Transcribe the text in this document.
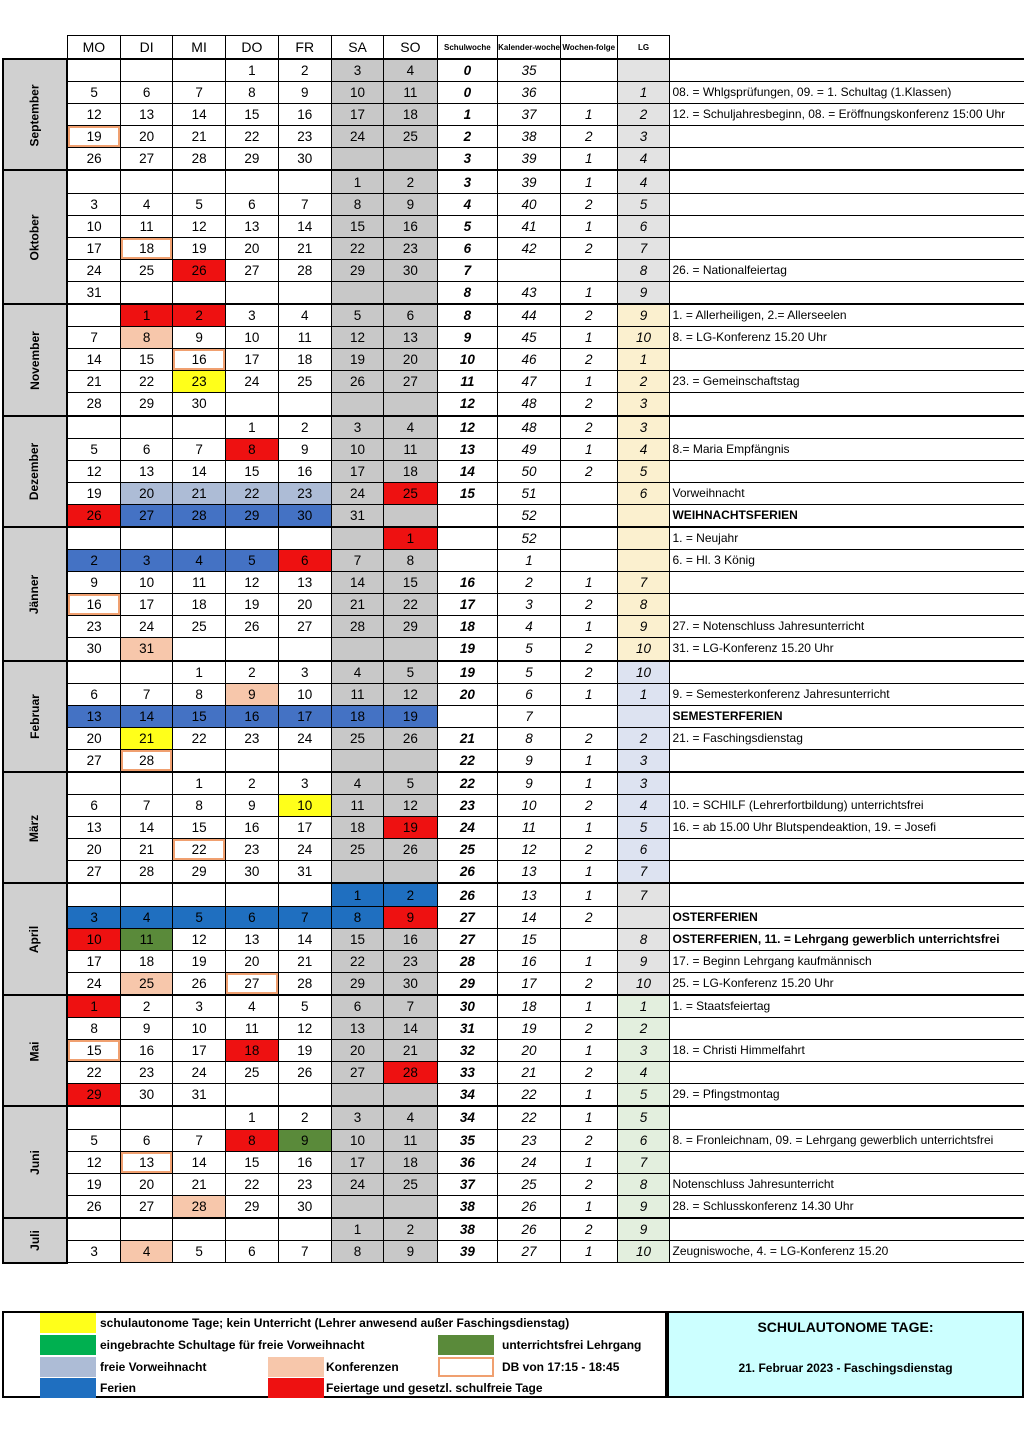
	MO	DI	MI	DO	FR	SA	SO	Schulwoche	Kalender-woche	Wochen-folge	LG	
September				1	2	3	4	0	35			
	5	6	7	8	9	10	11	0	36		1	08. = Whlgsprüfungen, 09. = 1. Schultag (1.Klassen)
	12	13	14	15	16	17	18	1	37	1	2	12. = Schuljahresbeginn, 08. = Eröffnungskonferenz 15:00 Uhr
	19	20	21	22	23	24	25	2	38	2	3	
	26	27	28	29	30			3	39	1	4	
Oktober						1	2	3	39	1	4	
	3	4	5	6	7	8	9	4	40	2	5	
	10	11	12	13	14	15	16	5	41	1	6	
	17	18	19	20	21	22	23	6	42	2	7	
	24	25	26	27	28	29	30	7			8	26. = Nationalfeiertag
	31							8	43	1	9	
November		1	2	3	4	5	6	8	44	2	9	1. = Allerheiligen, 2.= Allerseelen
	7	8	9	10	11	12	13	9	45	1	10	8. = LG-Konferenz 15.20 Uhr
	14	15	16	17	18	19	20	10	46	2	1	
	21	22	23	24	25	26	27	11	47	1	2	23. = Gemeinschaftstag
	28	29	30					12	48	2	3	
Dezember				1	2	3	4	12	48	2	3	
	5	6	7	8	9	10	11	13	49	1	4	8.= Maria Empfängnis
	12	13	14	15	16	17	18	14	50	2	5	
	19	20	21	22	23	24	25	15	51		6	Vorweihnacht
	26	27	28	29	30	31			52			WEIHNACHTSFERIEN
Jänner							1		52			1. = Neujahr
	2	3	4	5	6	7	8		1			6. = Hl. 3 König
	9	10	11	12	13	14	15	16	2	1	7	
	16	17	18	19	20	21	22	17	3	2	8	
	23	24	25	26	27	28	29	18	4	1	9	27. = Notenschluss Jahresunterricht
	30	31						19	5	2	10	31. = LG-Konferenz 15.20 Uhr
Februar			1	2	3	4	5	19	5	2	10	
	6	7	8	9	10	11	12	20	6	1	1	9. = Semesterkonferenz Jahresunterricht
	13	14	15	16	17	18	19		7			SEMESTERFERIEN
	20	21	22	23	24	25	26	21	8	2	2	21. = Faschingsdienstag
	27	28						22	9	1	3	
März			1	2	3	4	5	22	9	1	3	
	6	7	8	9	10	11	12	23	10	2	4	10. = SCHILF (Lehrerfortbildung) unterrichtsfrei
	13	14	15	16	17	18	19	24	11	1	5	16. = ab 15.00 Uhr Blutspendeaktion, 19. = Josefi
	20	21	22	23	24	25	26	25	12	2	6	
	27	28	29	30	31			26	13	1	7	
April						1	2	26	13	1	7	
	3	4	5	6	7	8	9	27	14	2		OSTERFERIEN
	10	11	12	13	14	15	16	27	15		8	OSTERFERIEN, 11. = Lehrgang gewerblich unterrichtsfrei
	17	18	19	20	21	22	23	28	16	1	9	17. = Beginn Lehrgang kaufmännisch
	24	25	26	27	28	29	30	29	17	2	10	25. = LG-Konferenz 15.20 Uhr
Mai	1	2	3	4	5	6	7	30	18	1	1	1. = Staatsfeiertag
	8	9	10	11	12	13	14	31	19	2	2	
	15	16	17	18	19	20	21	32	20	1	3	18. = Christi Himmelfahrt
	22	23	24	25	26	27	28	33	21	2	4	
	29	30	31					34	22	1	5	29. = Pfingstmontag
Juni				1	2	3	4	34	22	1	5	
	5	6	7	8	9	10	11	35	23	2	6	8. = Fronleichnam, 09. = Lehrgang gewerblich unterrichtsfrei
	12	13	14	15	16	17	18	36	24	1	7	
	19	20	21	22	23	24	25	37	25	2	8	Notenschluss Jahresunterricht
	26	27	28	29	30			38	26	1	9	28. = Schlusskonferenz 14.30 Uhr
Juli						1	2	38	26	2	9	
	3	4	5	6	7	8	9	39	27	1	10	Zeugniswoche, 4. = LG-Konferenz 15.20
schulautonome Tage; kein Unterricht (Lehrer anwesend außer Faschingsdienstag)
eingebrachte Schultage für freie Vorweihnacht	unterrichtsfrei Lehrgang
freie Vorweihnacht	Konferenzen	DB von 17:15 - 18:45
Ferien	Feiertage und gesetzl. schulfreie Tage
SCHULAUTONOME TAGE:
21. Februar 2023 - Faschingsdienstag
